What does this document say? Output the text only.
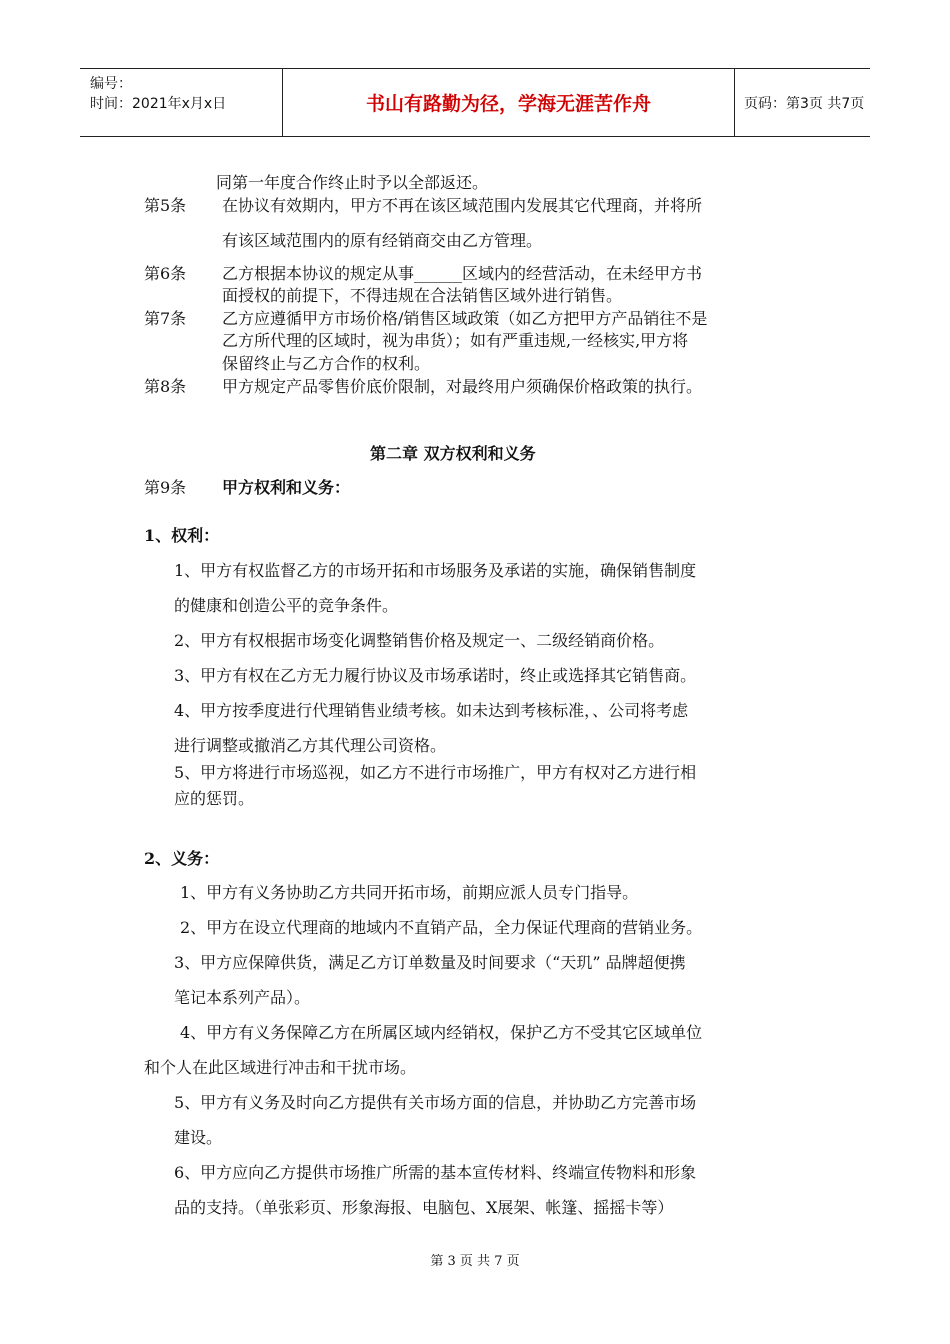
编号：
时间：2021年x月x日	书山有路勤为径，学海无涯苦作舟	页码：第3页 共7页
同第一年度合作终止时予以全部返还。
第5条 在协议有效期内，甲方不再在该区域范围内发展其它代理商，并将所
有该区域范围内的原有经销商交由乙方管理。
第6条 乙方根据本协议的规定从事______区域内的经营活动，在未经甲方书
面授权的前提下，不得违规在合法销售区域外进行销售。
第7条 乙方应遵循甲方市场价格/销售区域政策（如乙方把甲方产品销往不是
乙方所代理的区域时，视为串货）；如有严重违规,一经核实,甲方将
保留终止与乙方合作的权利。
第8条 甲方规定产品零售价底价限制，对最终用户须确保价格政策的执行。
第二章 双方权利和义务
第9条 甲方权利和义务：
1、权利：
1、甲方有权监督乙方的市场开拓和市场服务及承诺的实施，确保销售制度
的健康和创造公平的竞争条件。
2、甲方有权根据市场变化调整销售价格及规定一、二级经销商价格。
3、甲方有权在乙方无力履行协议及市场承诺时，终止或选择其它销售商。
4、甲方按季度进行代理销售业绩考核。如未达到考核标准，、公司将考虑
进行调整或撤消乙方其代理公司资格。
5、甲方将进行市场巡视，如乙方不进行市场推广，甲方有权对乙方进行相
应的惩罚。
2、义务：
1、甲方有义务协助乙方共同开拓市场，前期应派人员专门指导。
2、甲方在设立代理商的地域内不直销产品，全力保证代理商的营销业务。
3、甲方应保障供货，满足乙方订单数量及时间要求（“天玑” 品牌超便携
笔记本系列产品）。
4、甲方有义务保障乙方在所属区域内经销权，保护乙方不受其它区域单位
和个人在此区域进行冲击和干扰市场。
5、甲方有义务及时向乙方提供有关市场方面的信息，并协助乙方完善市场
建设。
6、甲方应向乙方提供市场推广所需的基本宣传材料、终端宣传物料和形象
品的支持。（单张彩页、形象海报、电脑包、X展架、帐篷、摇摇卡等）
第 3 页 共 7 页
